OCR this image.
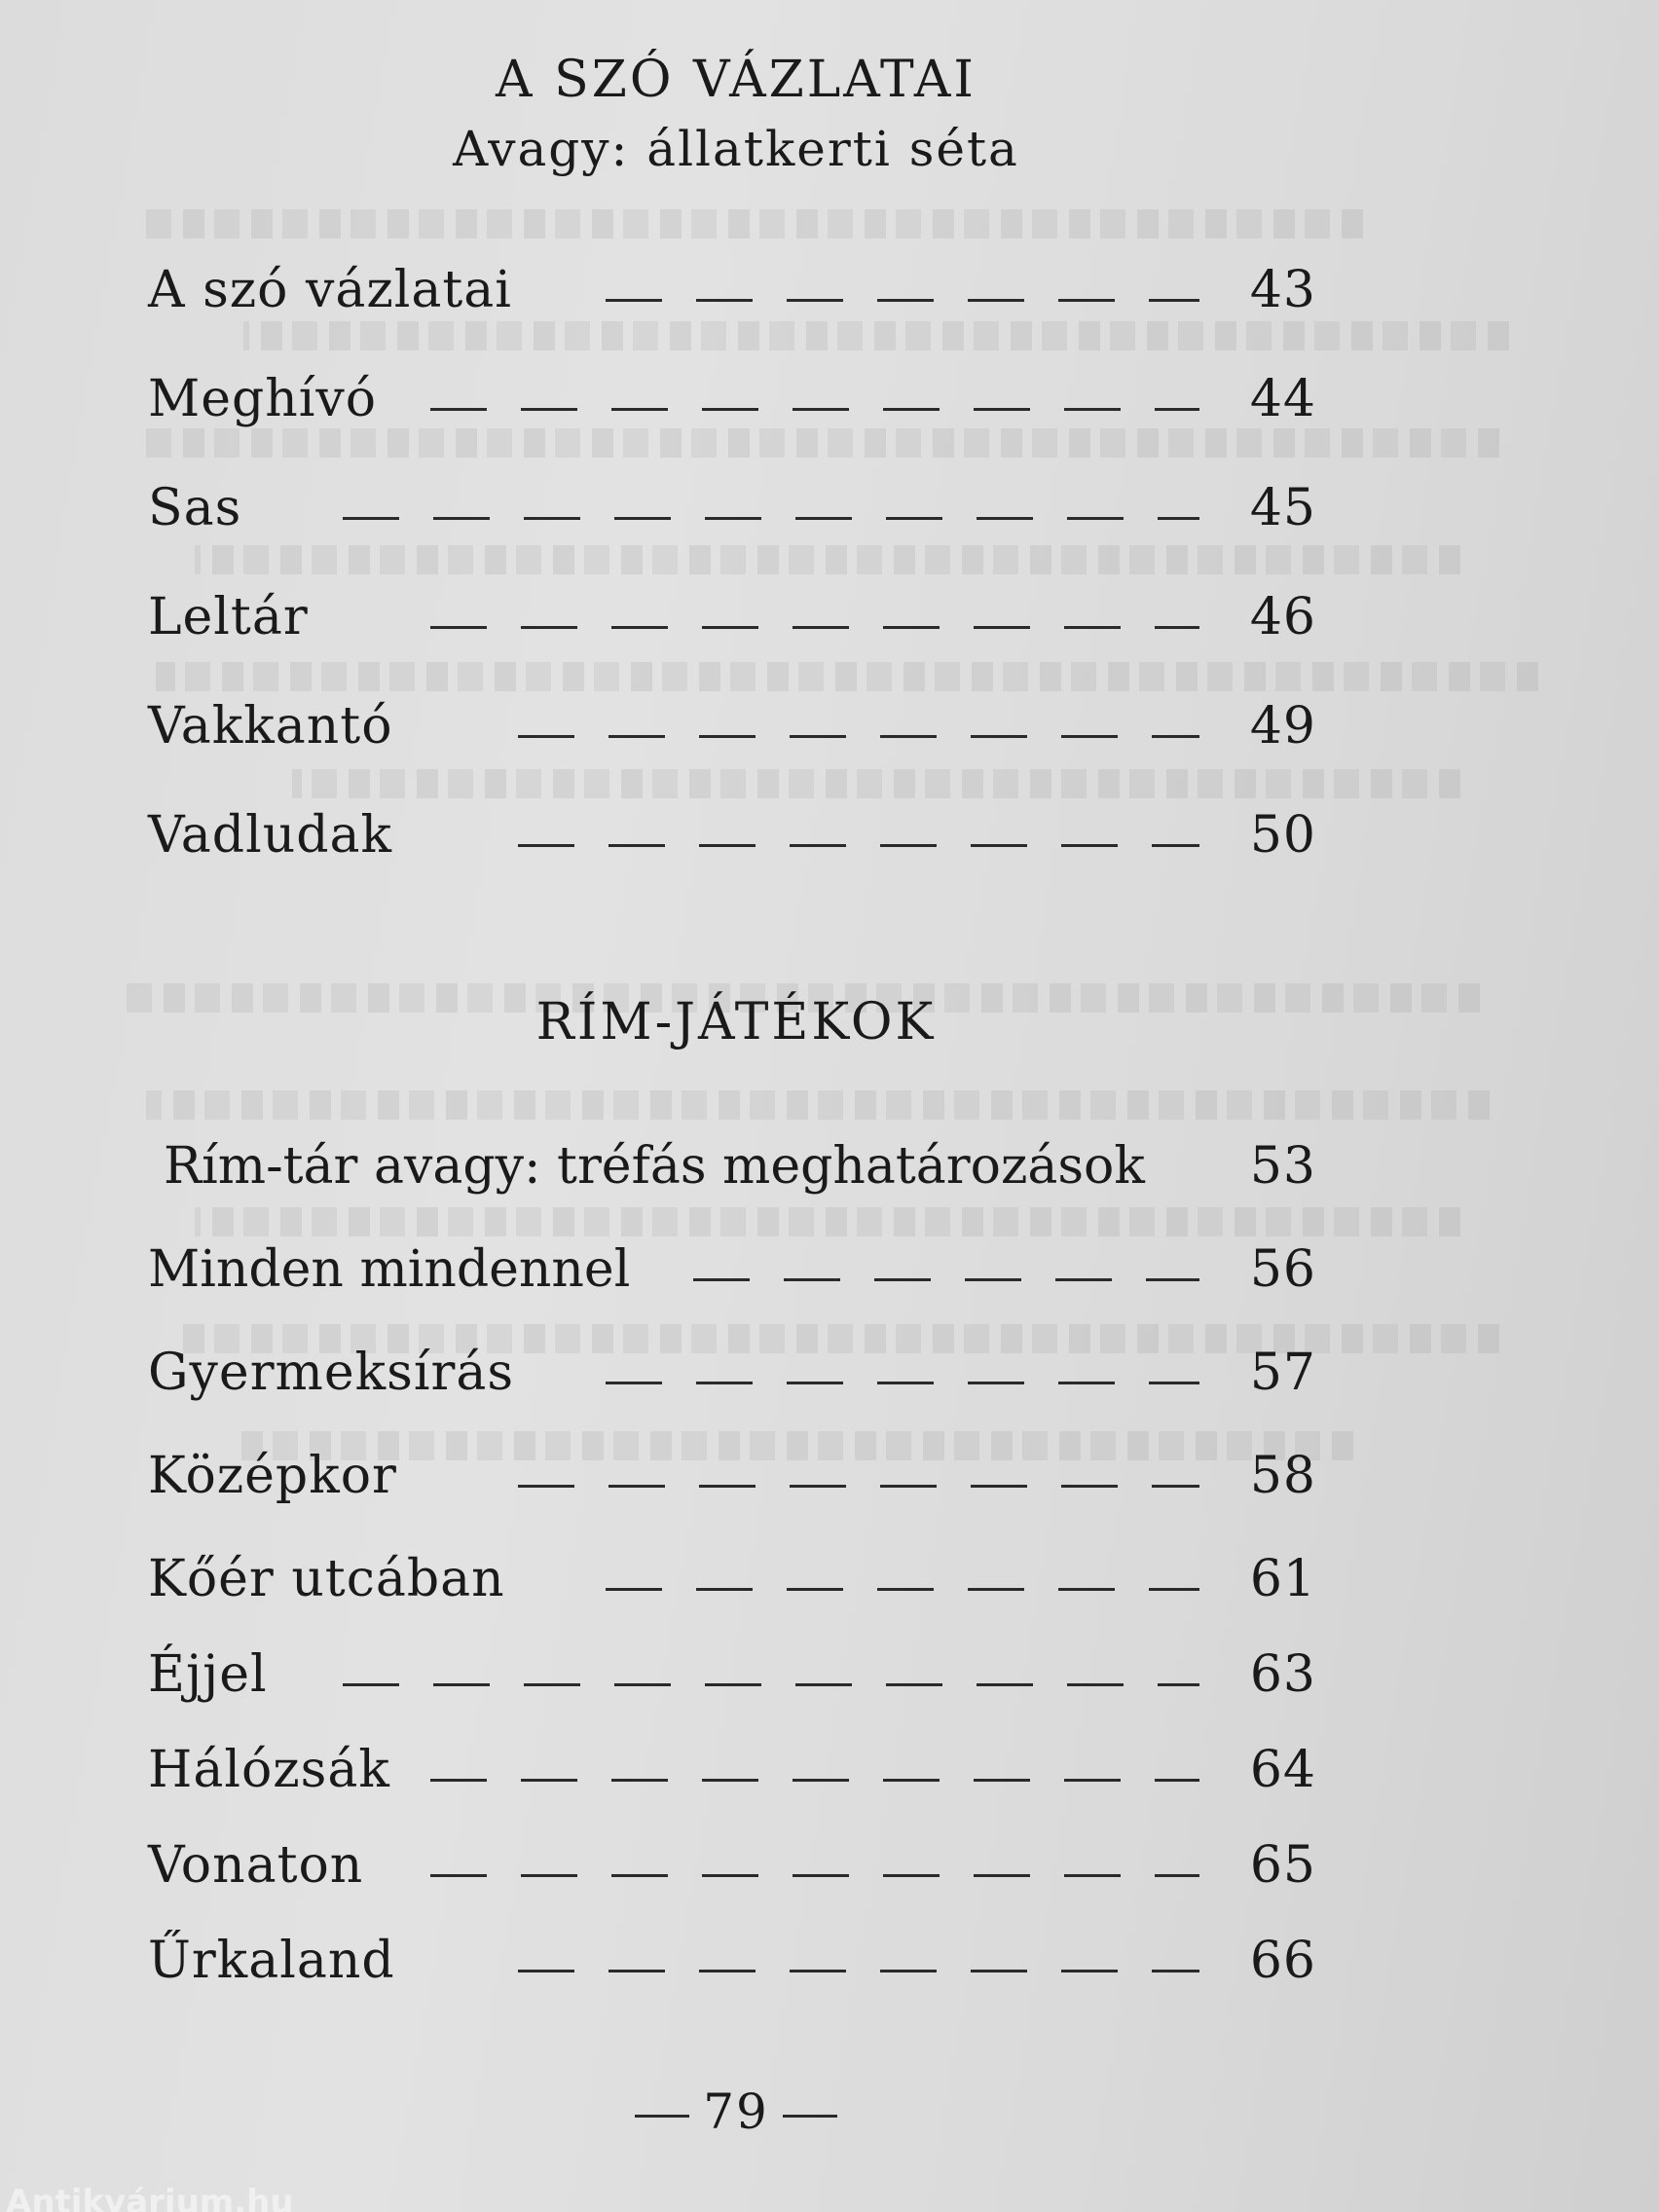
A SZÓ VÁZLATAI
Avagy: állatkerti séta
A szó vázlatai	43
Meghívó	44
Sas	45
Leltár	46
Vakkantó	49
Vadludak	50
RÍM-JÁTÉKOK
Rím-tár avagy: tréfás meghatározások	53
Minden mindennel	56
Gyermeksírás	57
Középkor	58
Kőér utcában	61
Éjjel	63
Hálózsák	64
Vonaton	65
Űrkaland	66
79
Antikvárium.hu
